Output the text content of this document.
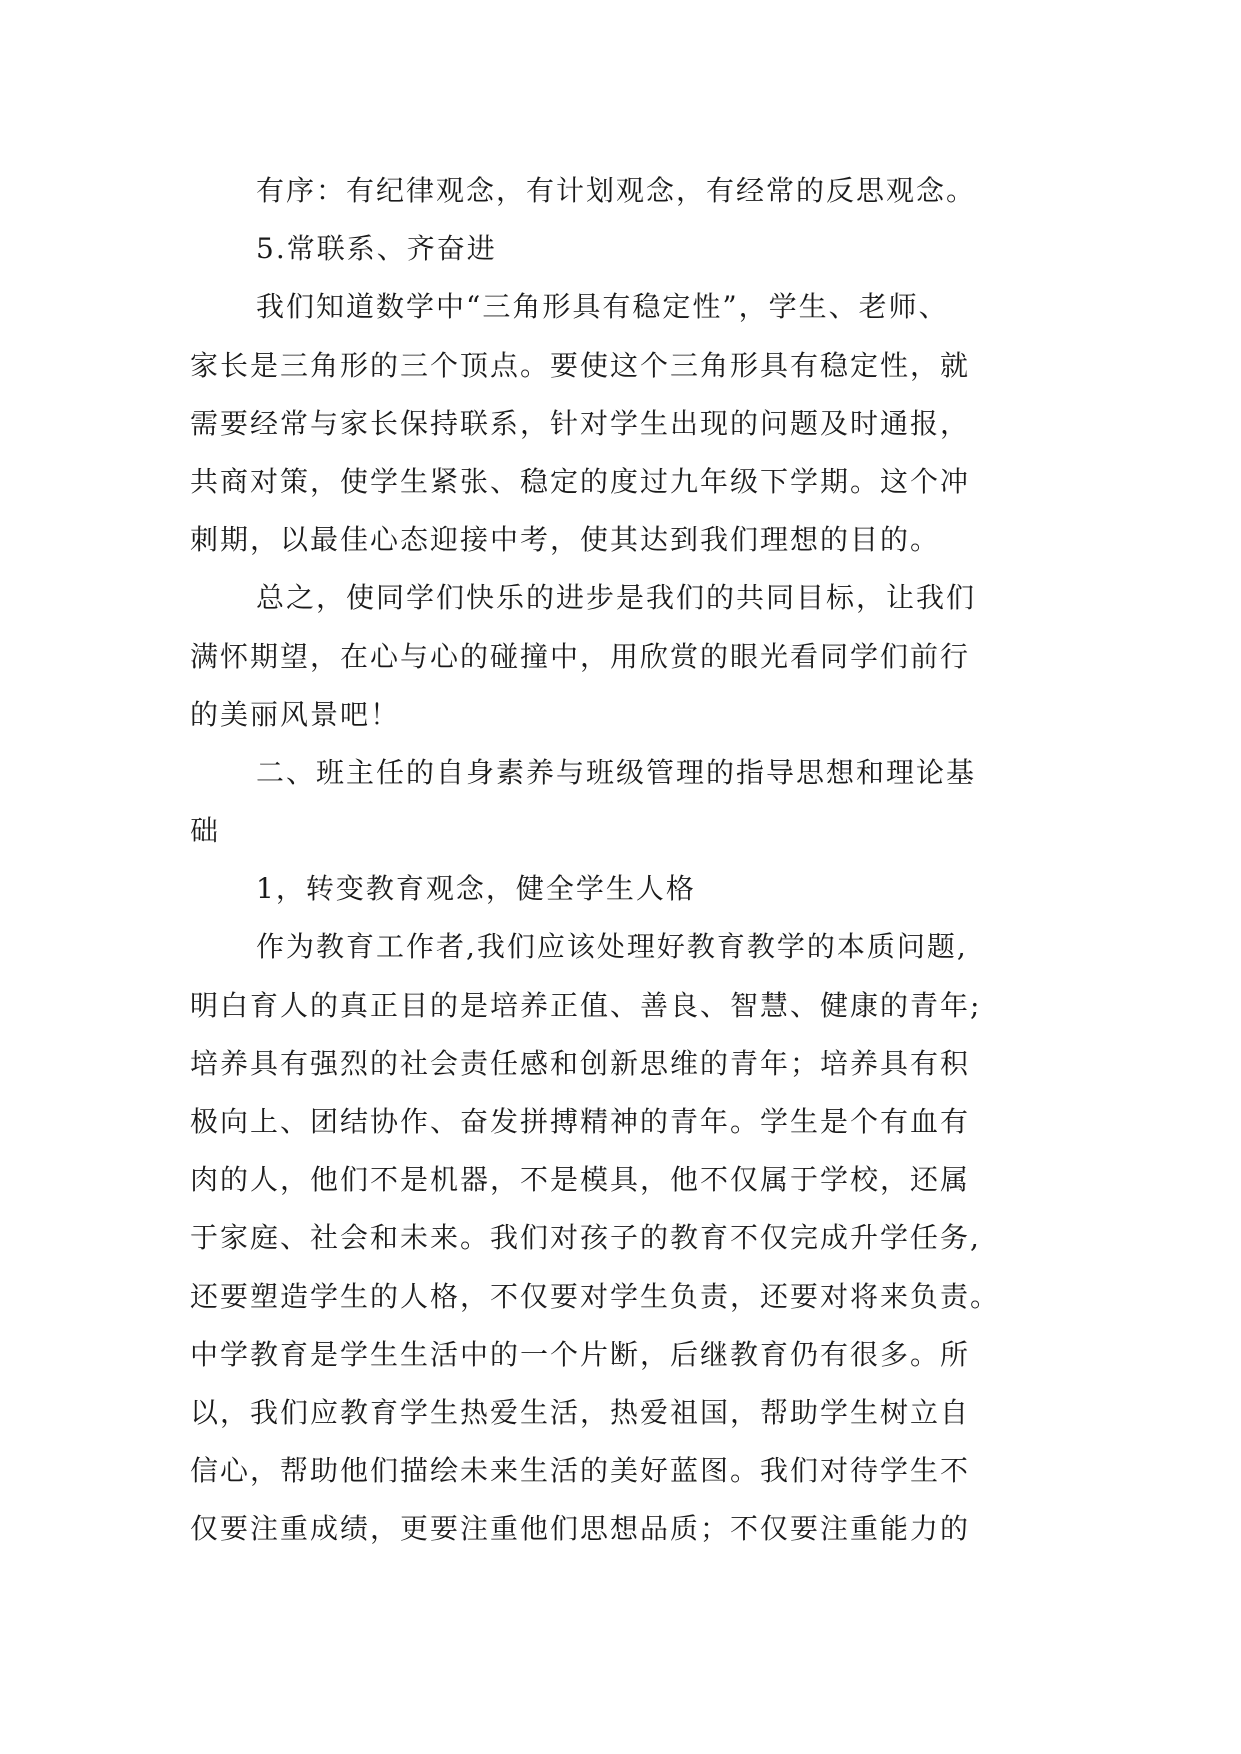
有序：有纪律观念，有计划观念，有经常的反思观念。
5.常联系、齐奋进
我们知道数学中“三角形具有稳定性”，学生、老师、
家长是三角形的三个顶点。要使这个三角形具有稳定性，就
需要经常与家长保持联系，针对学生出现的问题及时通报，
共商对策，使学生紧张、稳定的度过九年级下学期。这个冲
刺期，以最佳心态迎接中考，使其达到我们理想的目的。
总之，使同学们快乐的进步是我们的共同目标，让我们
满怀期望，在心与心的碰撞中，用欣赏的眼光看同学们前行
的美丽风景吧！
二、班主任的自身素养与班级管理的指导思想和理论基
础
1，转变教育观念，健全学生人格
作为教育工作者,我们应该处理好教育教学的本质问题,
明白育人的真正目的是培养正值、善良、智慧、健康的青年;
培养具有强烈的社会责任感和创新思维的青年；培养具有积
极向上、团结协作、奋发拼搏精神的青年。学生是个有血有
肉的人，他们不是机器，不是模具，他不仅属于学校，还属
于家庭、社会和未来。我们对孩子的教育不仅完成升学任务,
还要塑造学生的人格，不仅要对学生负责，还要对将来负责。
中学教育是学生生活中的一个片断，后继教育仍有很多。所
以，我们应教育学生热爱生活，热爱祖国，帮助学生树立自
信心，帮助他们描绘未来生活的美好蓝图。我们对待学生不
仅要注重成绩，更要注重他们思想品质；不仅要注重能力的
